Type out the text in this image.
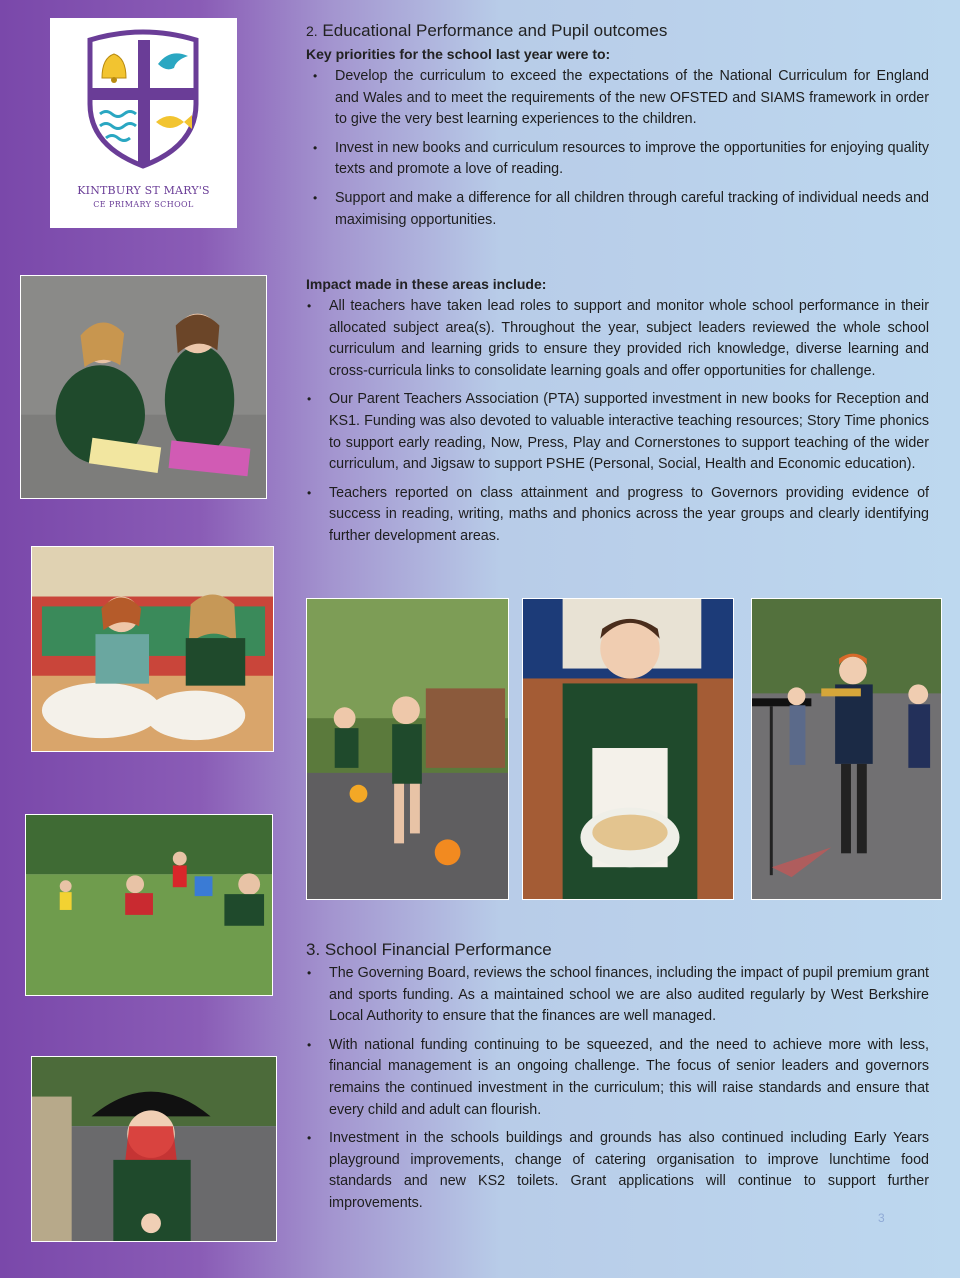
KINTBURY ST MARY'S
CE PRIMARY SCHOOL
2. Educational Performance and Pupil outcomes
Key priorities for the school last year were to:
• Develop the curriculum to exceed the expectations of the National Curriculum for England and Wales and to meet the requirements of the new OFSTED and SIAMS framework in order to give the very best learning experiences to the children.
• Invest in new books and curriculum resources to improve the opportunities for enjoying quality texts and promote a love of reading.
• Support and make a difference for all children through careful tracking of individual needs and maximising opportunities.
Impact made in these areas include:
• All teachers have taken lead roles to support and monitor whole school performance in their allocated subject area(s). Throughout the year, subject leaders reviewed the whole school curriculum and learning grids to ensure they provided rich knowledge, diverse learning and cross-curricula links to consolidate learning goals and offer opportunities for challenge.
• Our Parent Teachers Association (PTA) supported investment in new books for Reception and KS1. Funding was also devoted to valuable interactive teaching resources; Story Time phonics to support early reading, Now, Press, Play and Cornerstones to support teaching of the wider curriculum, and Jigsaw to support PSHE (Personal, Social, Health and Economic education).
• Teachers reported on class attainment and progress to Governors providing evidence of success in reading, writing, maths and phonics across the year groups and clearly identifying further development areas.
3. School Financial Performance
• The Governing Board, reviews the school finances, including the impact of pupil premium grant and sports funding. As a maintained school we are also audited regularly by West Berkshire Local Authority to ensure that the finances are well managed.
• With national funding continuing to be squeezed, and the need to achieve more with less, financial management is an ongoing challenge. The focus of senior leaders and governors remains the continued investment in the curriculum; this will raise standards and ensure that every child and adult can flourish.
• Investment in the schools buildings and grounds has also continued including Early Years playground improvements, change of catering organisation to improve lunchtime food standards and new KS2 toilets. Grant applications will continue to support further improvements.
3
